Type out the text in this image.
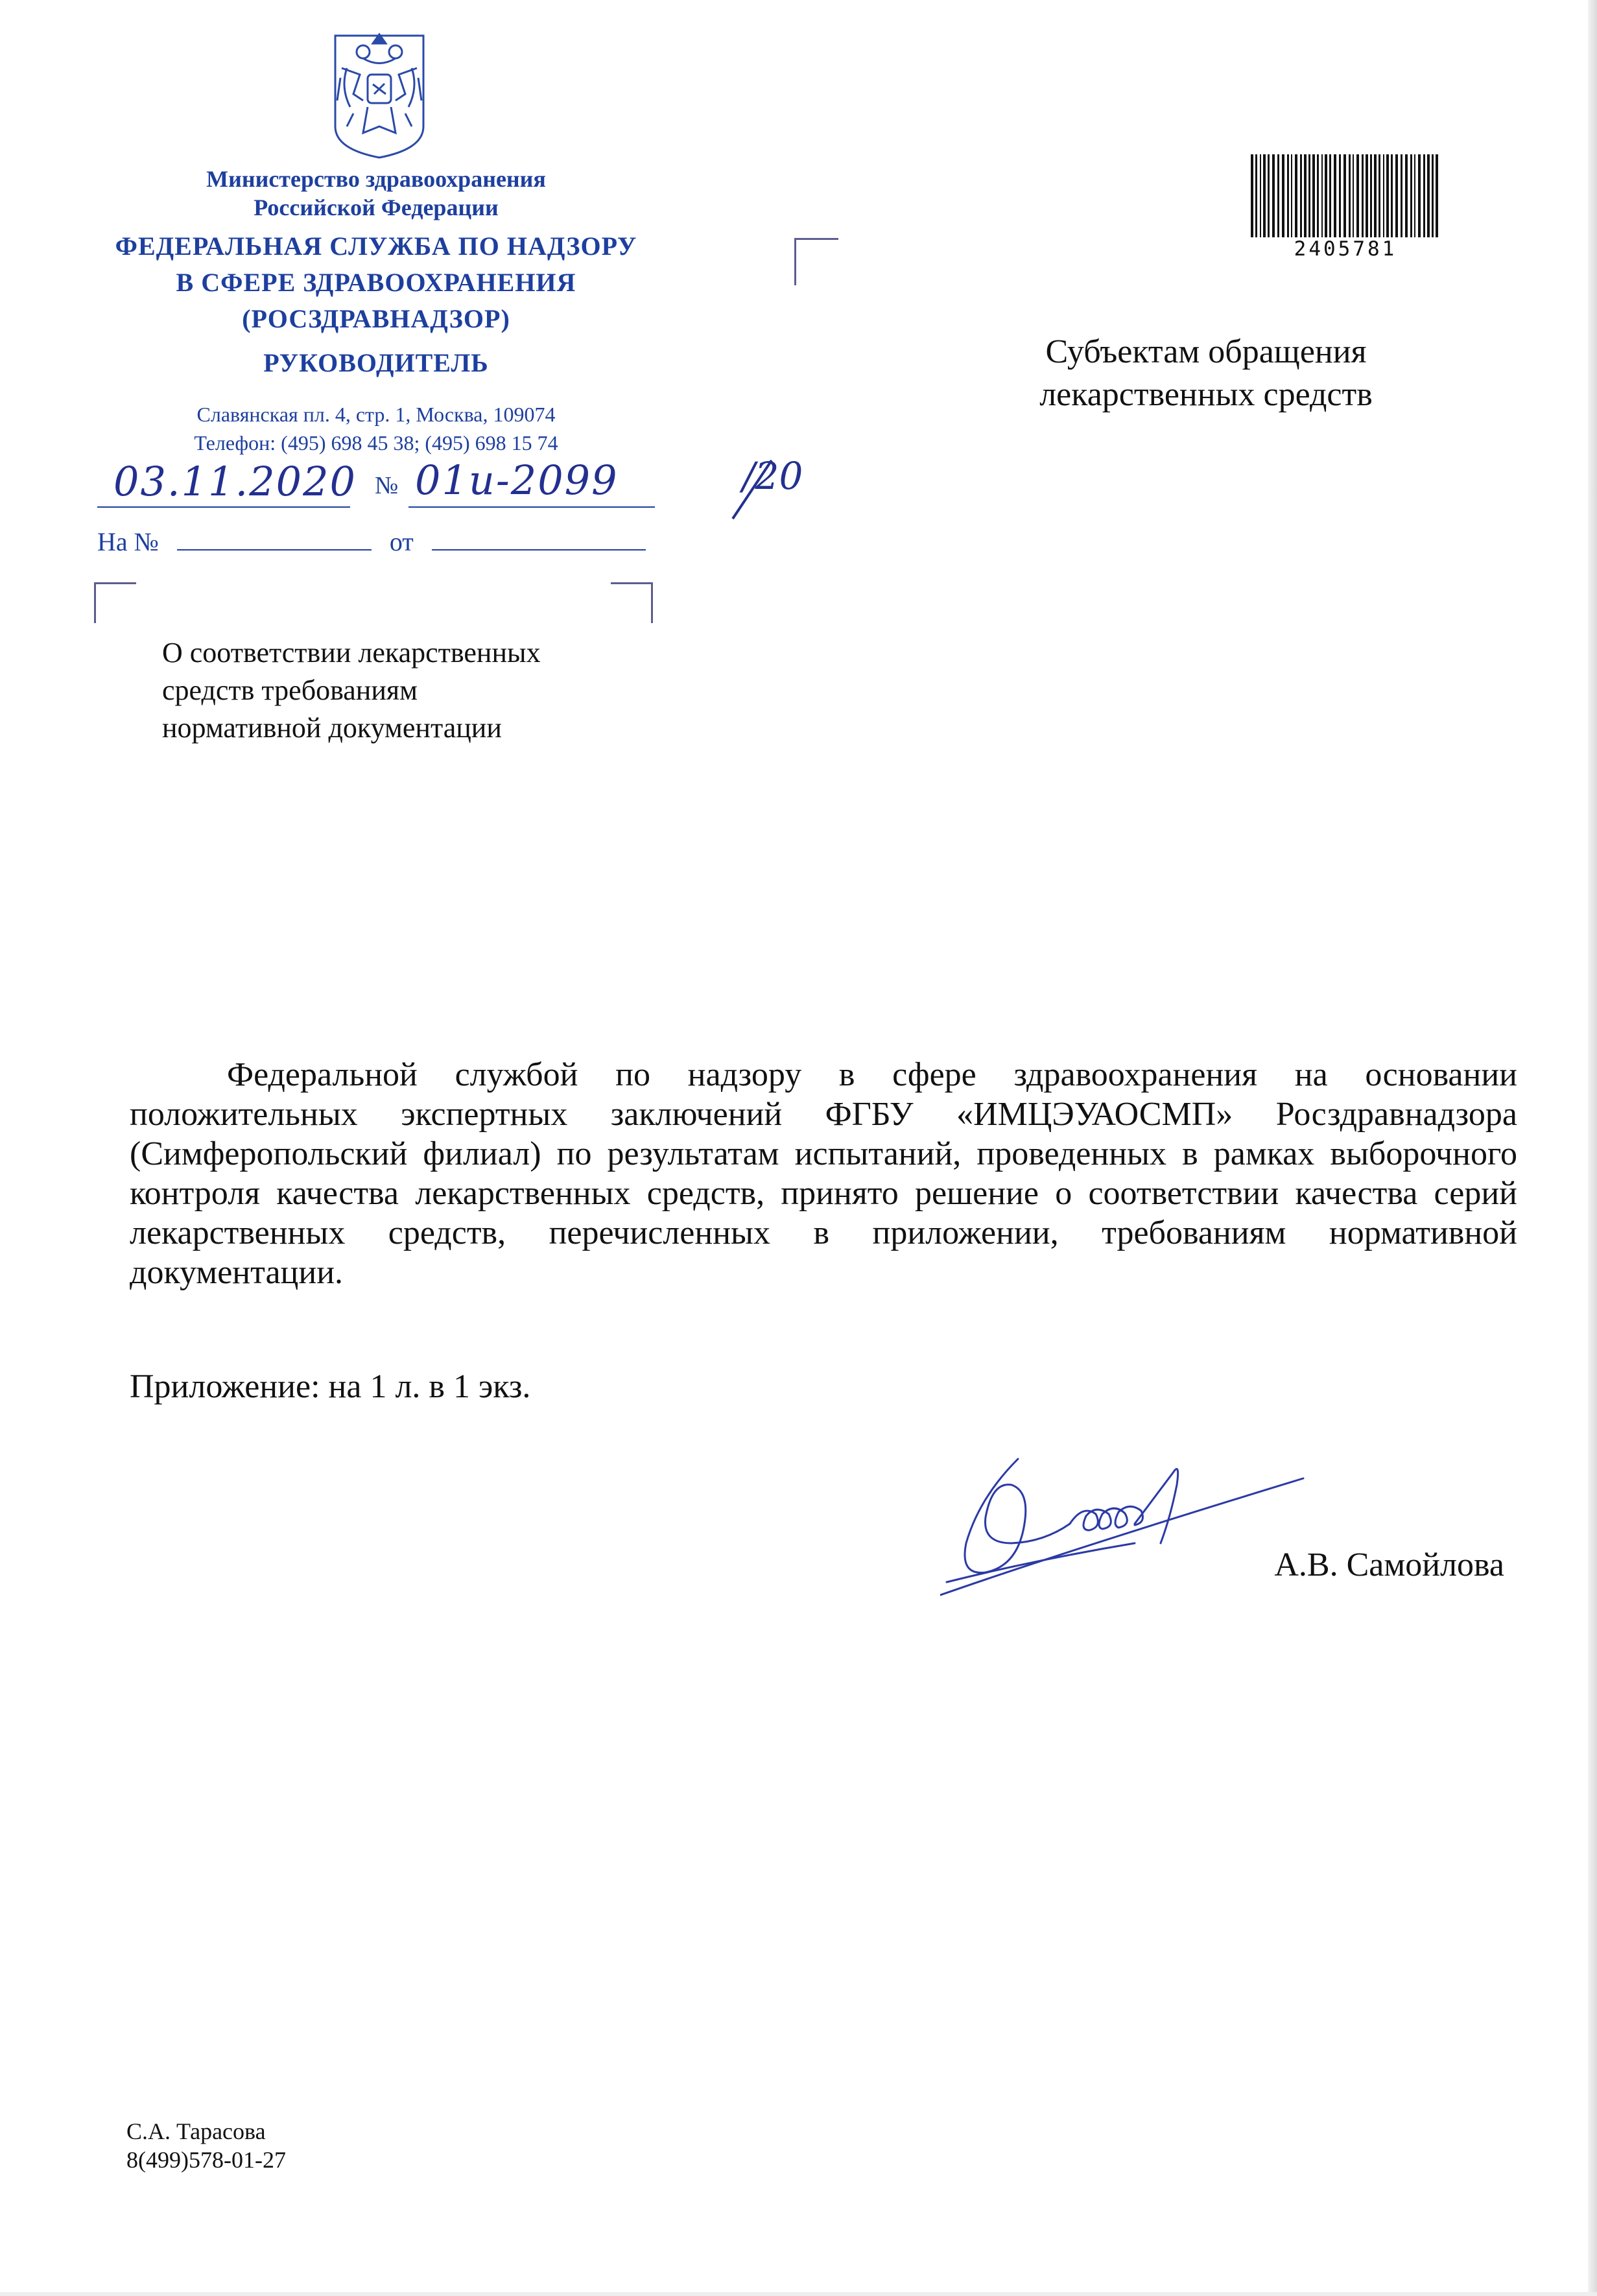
Министерство здравоохранения
Российской Федерации
ФЕДЕРАЛЬНАЯ СЛУЖБА ПО НАДЗОРУ
В СФЕРЕ ЗДРАВООХРАНЕНИЯ
(РОСЗДРАВНАДЗОР)
РУКОВОДИТЕЛЬ
Славянская пл. 4, стр. 1, Москва, 109074
Телефон: (495) 698 45 38; (495) 698 15 74
03.11.2020 № 01и-2099	/20
На №	от
2405781
Субъектам обращения
лекарственных средств
О соответствии лекарственных
средств требованиям
нормативной документации
Федеральной службой по надзору в сфере здравоохранения на основании положительных экспертных заключений ФГБУ «ИМЦЭУАОСМП» Росздравнадзора (Симферопольский филиал) по результатам испытаний, проведенных в рамках выборочного контроля качества лекарственных средств, принято решение о соответствии качества серий лекарственных средств, перечисленных в приложении, требованиям нормативной документации.
Приложение: на 1 л. в 1 экз.
А.В. Самойлова
С.А. Тарасова
8(499)578-01-27
